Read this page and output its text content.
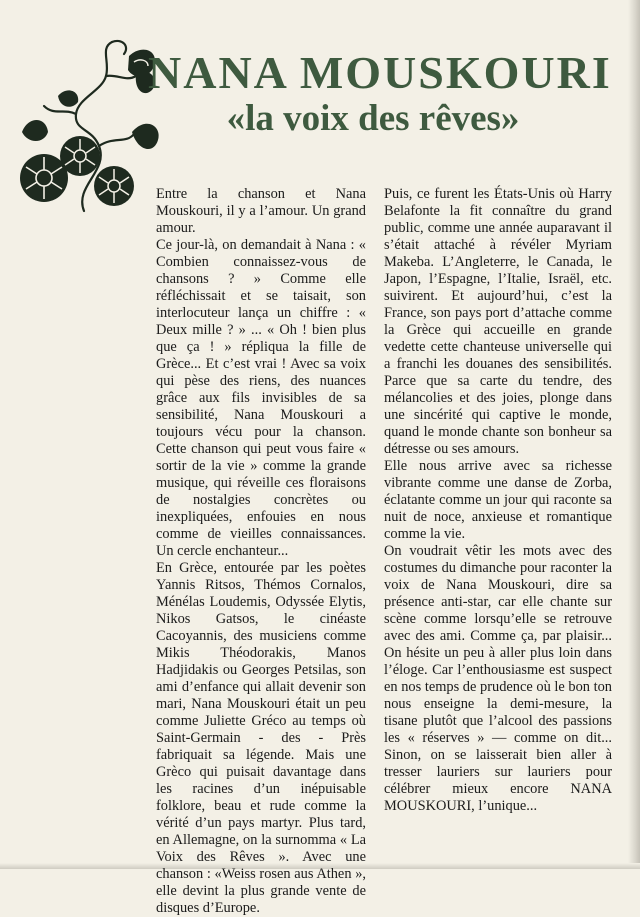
NANA MOUSKOURI
«la voix des rêves»

Entre la chanson et Nana Mouskouri, il y a l’amour. Un grand amour.

Ce jour-là, on demandait à Nana : « Combien connaissez-vous de chansons ? » Comme elle réfléchissait et se taisait, son interlocuteur lança un chiffre : « Deux mille ? » ... « Oh ! bien plus que ça ! » répliqua la fille de Grèce... Et c’est vrai ! Avec sa voix qui pèse des riens, des nuances grâce aux fils invisibles de sa sensibilité, Nana Mouskouri a toujours vécu pour la chanson. Cette chanson qui peut vous faire « sortir de la vie » comme la grande musique, qui réveille ces floraisons de nostalgies concrètes ou inexpliquées, enfouies en nous comme de vieilles connaissances. Un cercle enchanteur...

En Grèce, entourée par les poètes Yannis Ritsos, Thémos Cornalos, Ménélas Loudemis, Odyssée Elytis, Nikos Gatsos, le cinéaste Cacoyannis, des musiciens comme Mikis Théodorakis, Manos Hadjidakis ou Georges Petsilas, son ami d’enfance qui allait devenir son mari, Nana Mouskouri était un peu comme Juliette Gréco au temps où Saint-Germain - des - Près fabriquait sa légende. Mais une Grèco qui puisait davantage dans les racines d’un inépuisable folklore, beau et rude comme la vérité d’un pays martyr. Plus tard, en Allemagne, on la surnomma « La Voix des Rêves ». Avec une chanson : «Weiss rosen aus Athen », elle devint la plus grande vente de disques d’Europe.

Puis, ce furent les États-Unis où Harry Belafonte la fit connaître du grand public, comme une année auparavant il s’était attaché à révéler Myriam Makeba. L’Angleterre, le Canada, le Japon, l’Espagne, l’Italie, Israël, etc. suivirent. Et aujourd’hui, c’est la France, son pays port d’attache comme la Grèce qui accueille en grande vedette cette chanteuse universelle qui a franchi les douanes des sensibilités. Parce que sa carte du tendre, des mélancolies et des joies, plonge dans une sincérité qui captive le monde, quand le monde chante son bonheur sa détresse ou ses amours.

Elle nous arrive avec sa richesse vibrante comme une danse de Zorba, éclatante comme un jour qui raconte sa nuit de noce, anxieuse et romantique comme la vie.

On voudrait vêtir les mots avec des costumes du dimanche pour raconter la voix de Nana Mouskouri, dire sa présence anti-star, car elle chante sur scène comme lorsqu’elle se retrouve avec des ami. Comme ça, par plaisir... On hésite un peu à aller plus loin dans l’éloge. Car l’enthousiasme est suspect en nos temps de prudence où le bon ton nous enseigne la demi-mesure, la tisane plutôt que l’alcool des passions les « réserves » — comme on dit... Sinon, on se laisserait bien aller à tresser lauriers sur lauriers pour célébrer mieux encore NANA MOUSKOURI, l’unique...
